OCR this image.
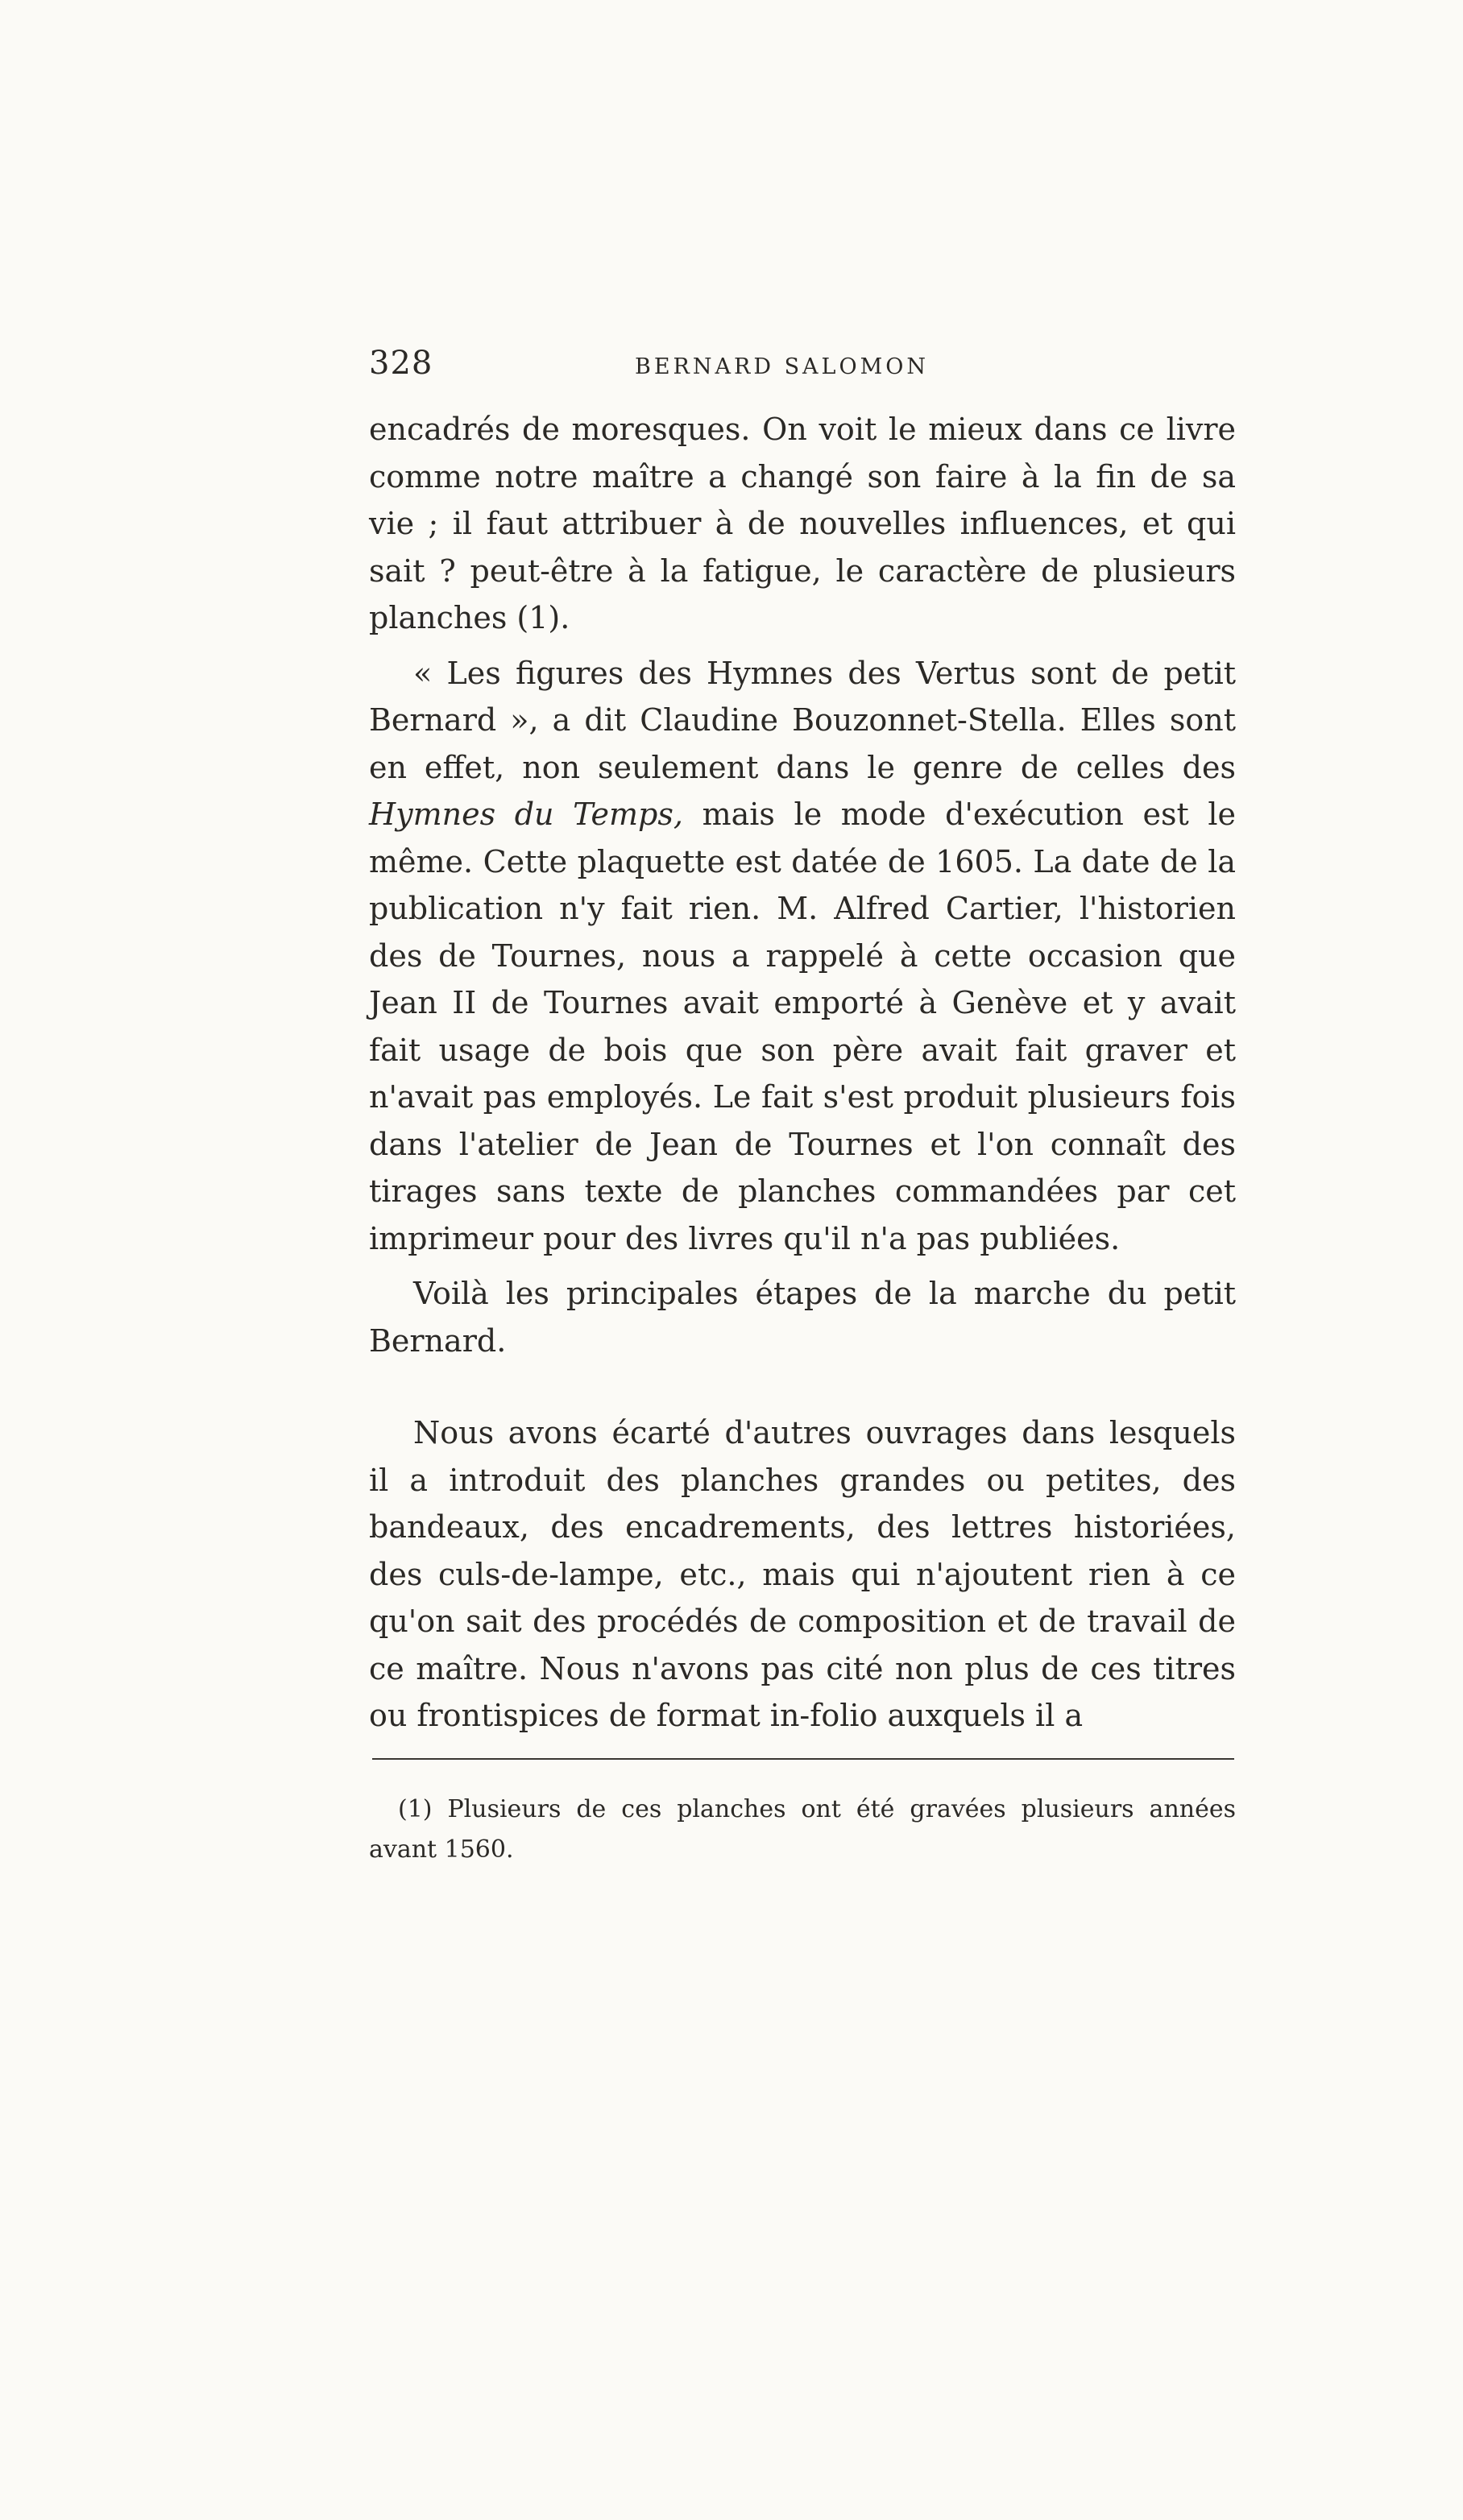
328	BERNARD SALOMON

encadrés de moresques. On voit le mieux dans ce livre comme notre maître a changé son faire à la fin de sa vie ; il faut attribuer à de nouvelles influences, et qui sait ? peut-être à la fatigue, le caractère de plusieurs planches (1).

« Les figures des Hymnes des Vertus sont de petit Bernard », a dit Claudine Bouzonnet-Stella. Elles sont en effet, non seulement dans le genre de celles des Hymnes du Temps, mais le mode d'exécution est le même. Cette plaquette est datée de 1605. La date de la publication n'y fait rien. M. Alfred Cartier, l'historien des de Tournes, nous a rappelé à cette occasion que Jean II de Tournes avait emporté à Genève et y avait fait usage de bois que son père avait fait graver et n'avait pas employés. Le fait s'est produit plusieurs fois dans l'atelier de Jean de Tournes et l'on connaît des tirages sans texte de planches commandées par cet imprimeur pour des livres qu'il n'a pas publiées.

Voilà les principales étapes de la marche du petit Bernard.

Nous avons écarté d'autres ouvrages dans lesquels il a introduit des planches grandes ou petites, des bandeaux, des encadrements, des lettres historiées, des culs-de-lampe, etc., mais qui n'ajoutent rien à ce qu'on sait des procédés de composition et de travail de ce maître. Nous n'avons pas cité non plus de ces titres ou frontispices de format in-folio auxquels il a

(1) Plusieurs de ces planches ont été gravées plusieurs années avant 1560.
